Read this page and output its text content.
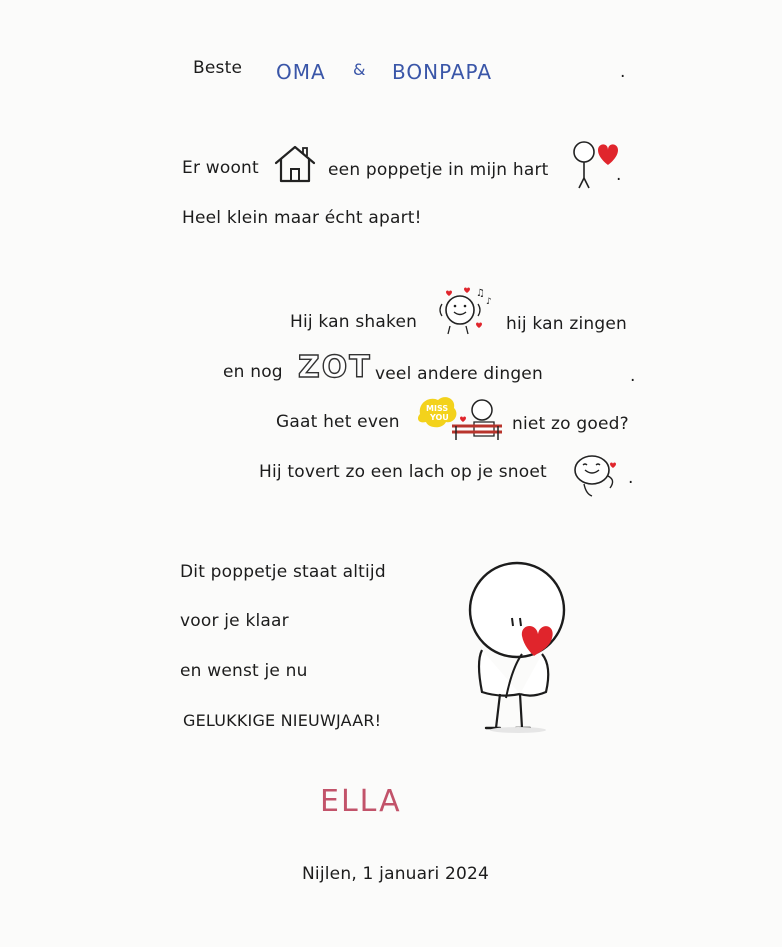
Beste OMA & BONPAPA	.
Er woont	een poppetje in mijn hart	.
Heel klein maar écht apart!
Hij kan shaken
♫
♪
hij kan zingen
en nog ZOT veel andere dingen	.
Gaat het even
MISS
YOU	niet zo goed?
Hij tovert zo een lach op je snoet	.
Dit poppetje staat altijd
voor je klaar
en wenst je nu
GELUKKIGE NIEUWJAAR!
ELLA
Nijlen, 1 januari 2024
